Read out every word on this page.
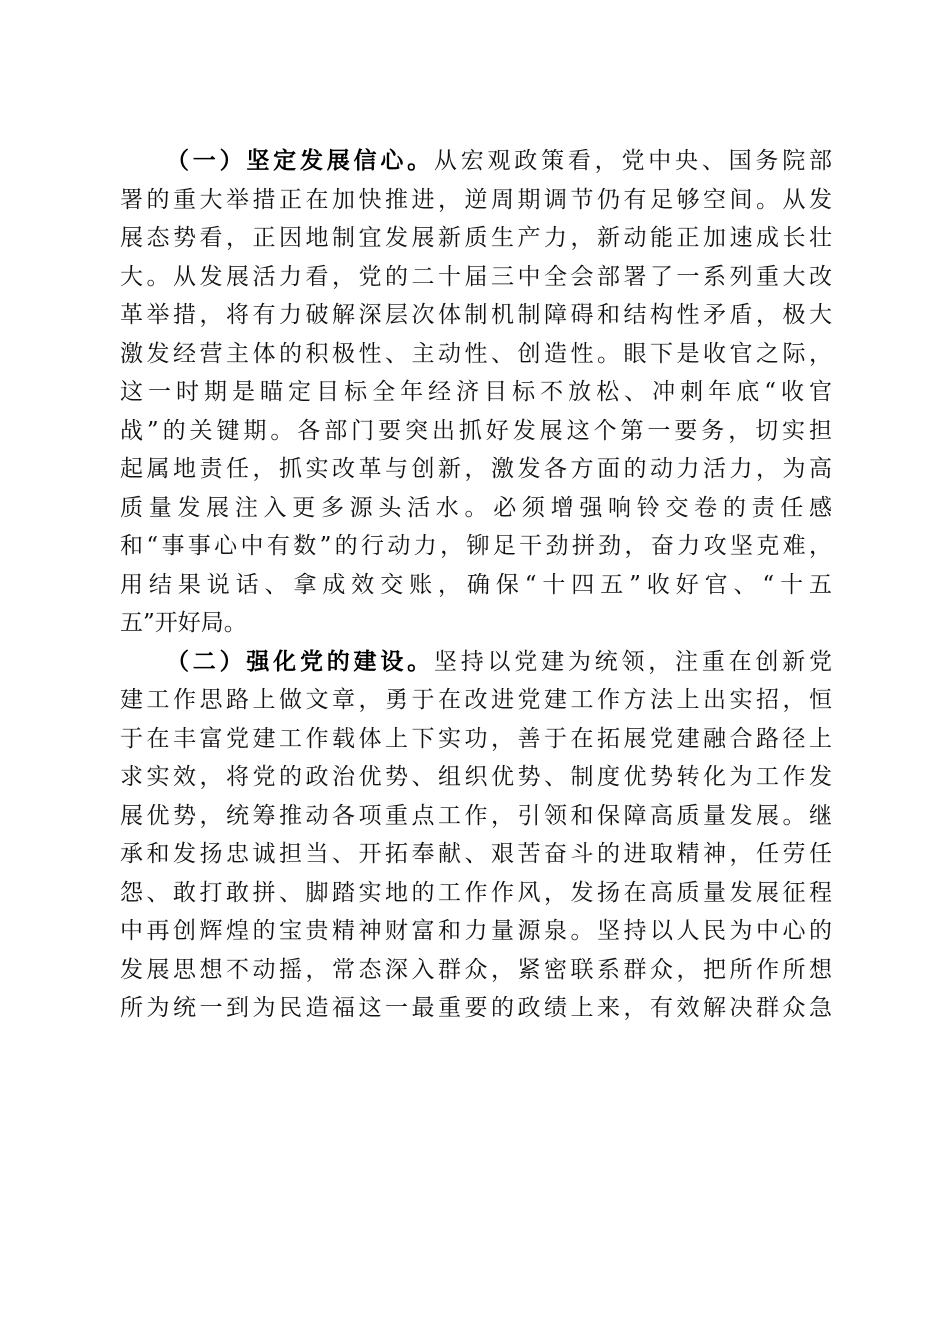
（一）坚定发展信心。从宏观政策看，党中央、国务院部
署的重大举措正在加快推进，逆周期调节仍有足够空间。从发
展态势看，正因地制宜发展新质生产力，新动能正加速成长壮
大。从发展活力看，党的二十届三中全会部署了一系列重大改
革举措，将有力破解深层次体制机制障碍和结构性矛盾，极大
激发经营主体的积极性、主动性、创造性。眼下是收官之际，
这一时期是瞄定目标全年经济目标不放松、冲刺年底“收官
战”的关键期。各部门要突出抓好发展这个第一要务，切实担
起属地责任，抓实改革与创新，激发各方面的动力活力，为高
质量发展注入更多源头活水。必须增强响铃交卷的责任感
和“事事心中有数”的行动力，铆足干劲拼劲，奋力攻坚克难，
用结果说话、拿成效交账，确保“十四五”收好官、“十五
五”开好局。
（二）强化党的建设。坚持以党建为统领，注重在创新党
建工作思路上做文章，勇于在改进党建工作方法上出实招，恒
于在丰富党建工作载体上下实功，善于在拓展党建融合路径上
求实效，将党的政治优势、组织优势、制度优势转化为工作发
展优势，统筹推动各项重点工作，引领和保障高质量发展。继
承和发扬忠诚担当、开拓奉献、艰苦奋斗的进取精神，任劳任
怨、敢打敢拼、脚踏实地的工作作风，发扬在高质量发展征程
中再创辉煌的宝贵精神财富和力量源泉。坚持以人民为中心的
发展思想不动摇，常态深入群众，紧密联系群众，把所作所想
所为统一到为民造福这一最重要的政绩上来，有效解决群众急
